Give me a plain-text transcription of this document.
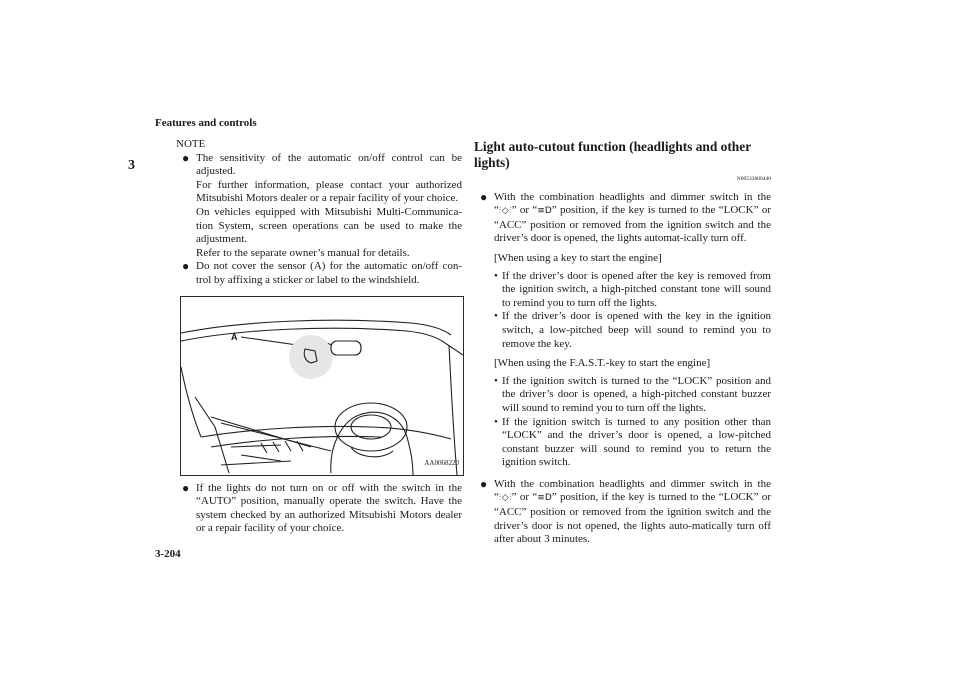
Features and controls
3
3-204
NOTE
● The sensitivity of the automatic on/off control can be adjusted.

For further information, please contact your authorized Mitsubishi Motors dealer or a repair facility of your choice.

On vehicles equipped with Mitsubishi Multi-Communica-tion System, screen operations can be used to make the adjustment.

Refer to the separate owner’s manual for details.

● Do not cover the sensor (A) for the automatic on/off con-trol by affixing a sticker or label to the windshield.

A
AA0068220
● If the lights do not turn on or off with the switch in the “AUTO” position, manually operate the switch. Have the system checked by an authorized Mitsubishi Motors dealer or a repair facility of your choice.

Light auto-cutout function (headlights and other lights)
N00532600440
● With the combination headlights and dimmer switch in the “⫶◇⫶” or “≡D” position, if the key is turned to the “LOCK” or “ACC” position or removed from the ignition switch and the driver’s door is opened, the lights automat-ically turn off.

[When using a key to start the engine]
• If the driver’s door is opened after the key is removed from the ignition switch, a high-pitched constant tone will sound to remind you to turn off the lights.
• If the driver’s door is opened with the key in the ignition switch, a low-pitched beep will sound to remind you to remove the key.
[When using the F.A.S.T.-key to start the engine]
• If the ignition switch is turned to the “LOCK” position and the driver’s door is opened, a high-pitched constant buzzer will sound to remind you to turn off the lights.
• If the ignition switch is turned to any position other than “LOCK” and the driver’s door is opened, a low-pitched constant buzzer will sound to remind you to return the ignition switch.
● With the combination headlights and dimmer switch in the “⫶◇⫶” or “≡D” position, if the key is turned to the “LOCK” or “ACC” position or removed from the ignition switch and the driver’s door is not opened, the lights auto-matically turn off after about 3 minutes.
